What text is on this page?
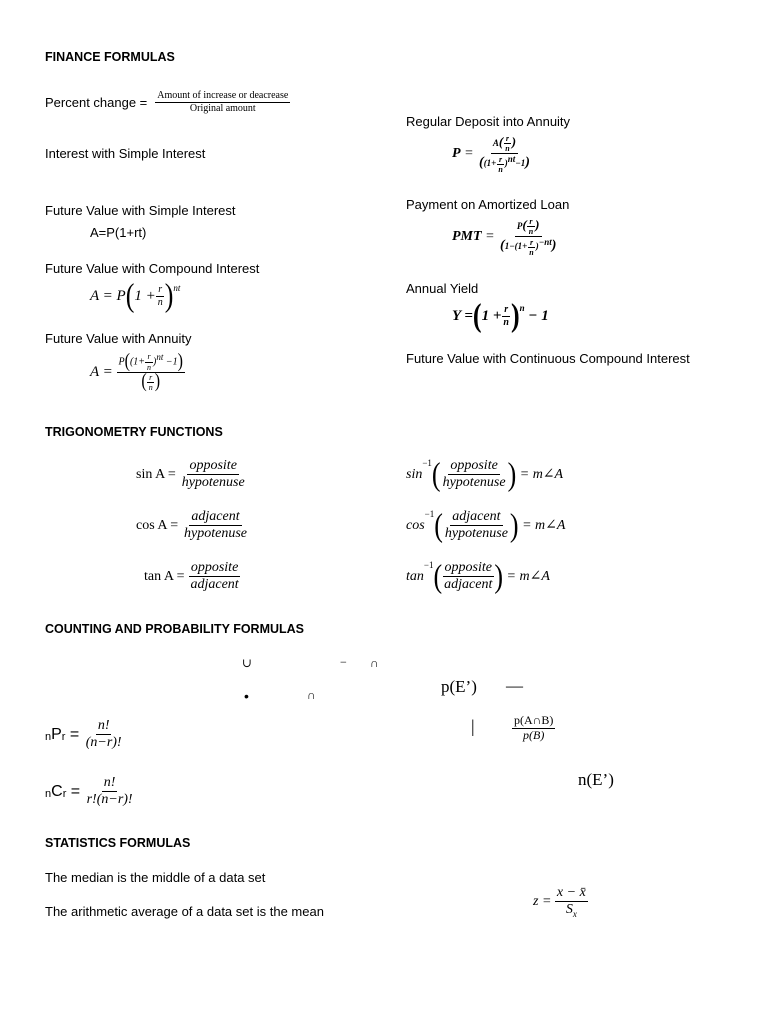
FINANCE FORMULAS
Percent change = $\frac{\text{Amount of increase or deacrease}}{\text{Original amount}}$
Interest with Simple Interest
Future Value with Simple Interest
A=P(1+rt)
Future Value with Compound Interest
A = P ( $1 + \frac{r}{n} )^{nt}$
Future Value with Annuity
$A = \frac{P((1+ \frac{r}{n} )^{nt} -1)}{( \frac{r}{n} )}$
Regular Deposit into Annuity
$P = \frac{A( \frac{r}{n} )}{((1+ \frac{r}{n} )^{nt}-1)}$
Payment on Amortized Loan
PMT = $\frac{P( \frac{r}{n} )}{(1-(1+ \frac{r}{n} )^{-nt})}$
Annual Yield
Y = ( $1 + \frac{r}{n} )^n - 1$
Future Value with Continuous Compound Interest
TRIGONOMETRY FUNCTIONS
sin A =
$\frac{\text{opposite}}{\text{hypotenuse}}$
cos A =
$\frac{\text{adjacent}}{\text{hypotenuse}}$
tan A =
$\frac{\text{opposite}}{\text{adjacent}}$
sin
$^{-1}$ ( $\frac{\text{opposite}}{\text{hypotenuse}}$ )
= m∠A
cos
$^{-1}$ ( $\frac{\text{adjacent}}{\text{hypotenuse}}$ )
= m∠A
tan
$^{-1}$ ( $\frac{\text{opposite}}{\text{adjacent}}$ )
= m∠A
COUNTING AND PROBABILITY FORMULAS
∪	− ∩
•	∩	p(E’) —
|	$\frac{p(A\cap B)}{p(B)}$
n(E’)
n P $r = \frac{n!}{(n-r)!}$
n C $r = \frac{n!}{r!(n-r)!}$
STATISTICS FORMULAS
The median is the middle of a data set
The arithmetic average of a data set is the mean
z =
$\frac{x - x̄}{S_x}$
